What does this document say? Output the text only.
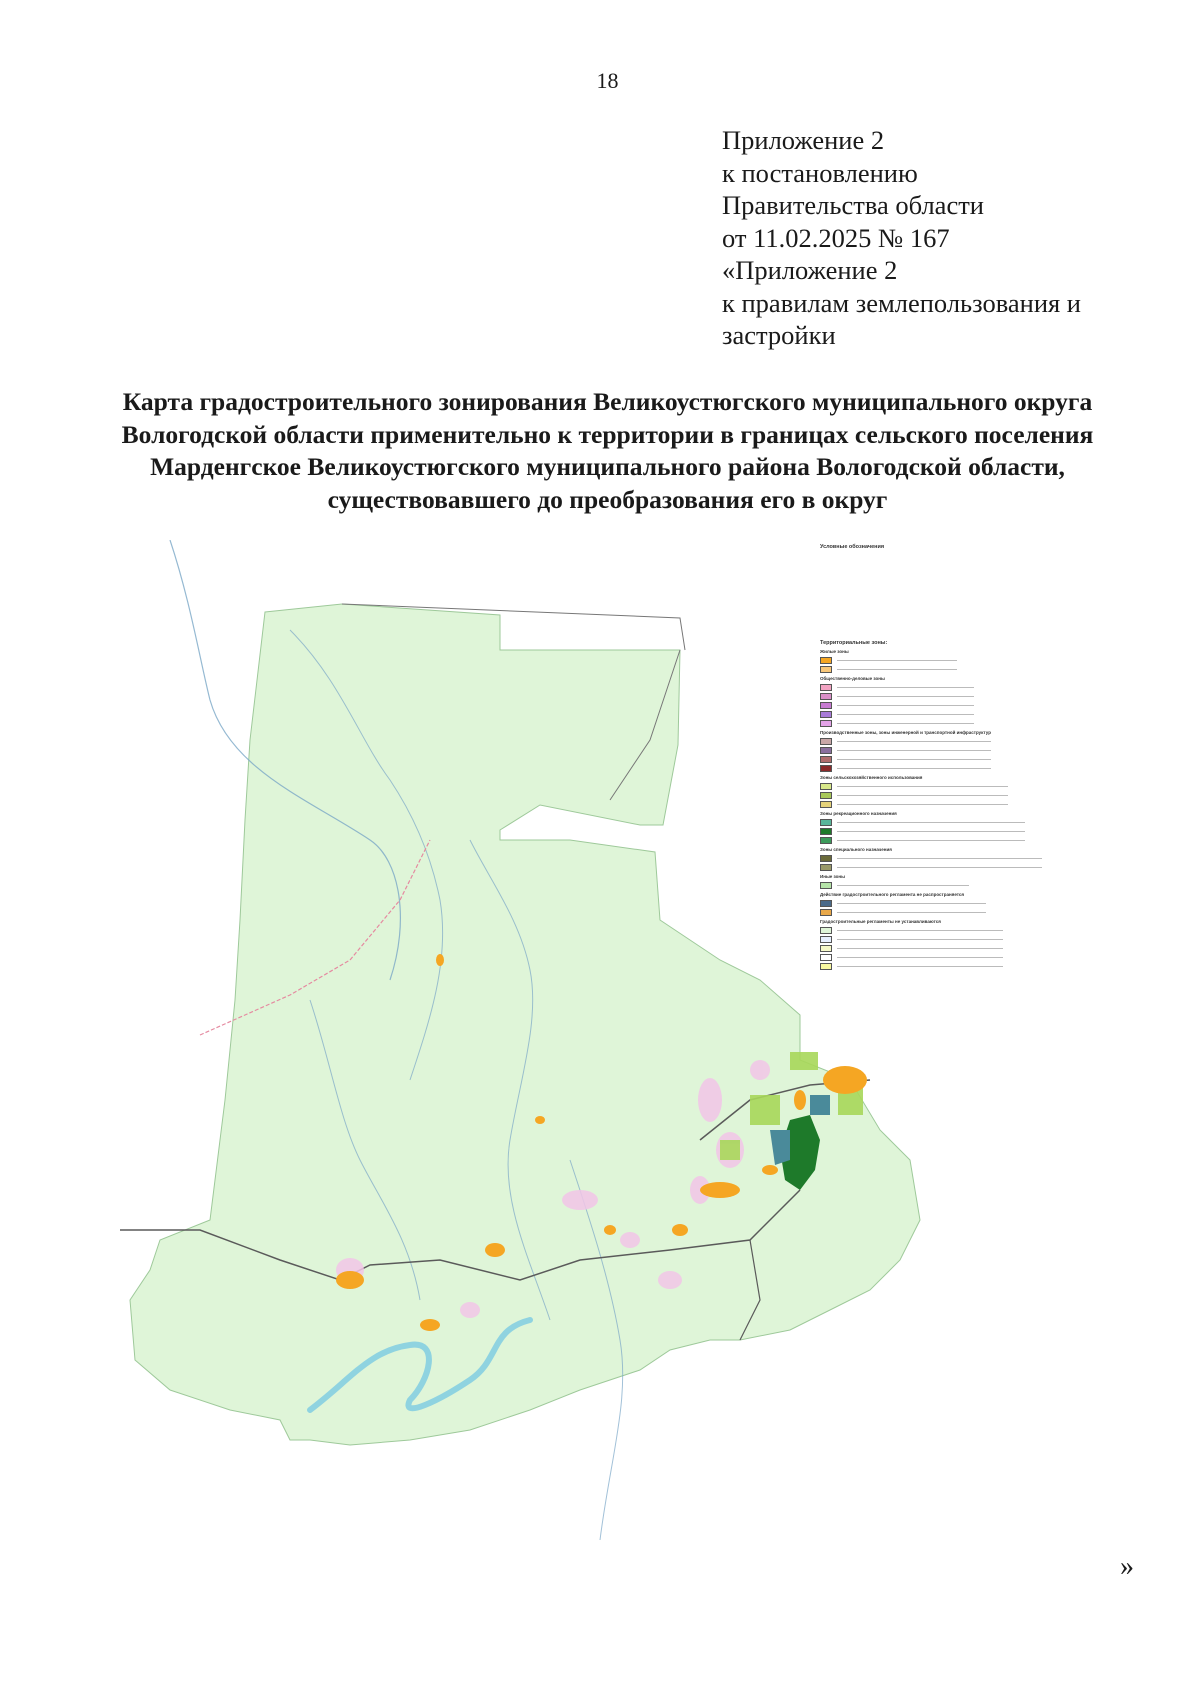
18
Приложение 2
к постановлению
Правительства области
от 11.02.2025 № 167
«Приложение 2
к правилам землепользования и
застройки
Карта градостроительного зонирования Великоустюгского муниципального округа Вологодской области применительно к территории в границах сельского поселения Марденгское Великоустюгского муниципального района Вологодской области, существовавшего до преобразования его в округ
Условные обозначения
Территориальные зоны:
Жилые зоны
Общественно-деловые зоны
Производственные зоны, зоны инженерной и транспортной инфраструктур
Зоны сельскохозяйственного использования
Зоны рекреационного назначения
Зоны специального назначения
Иные зоны
Действие градостроительного регламента не распространяется
Градостроительные регламенты не устанавливаются
»
